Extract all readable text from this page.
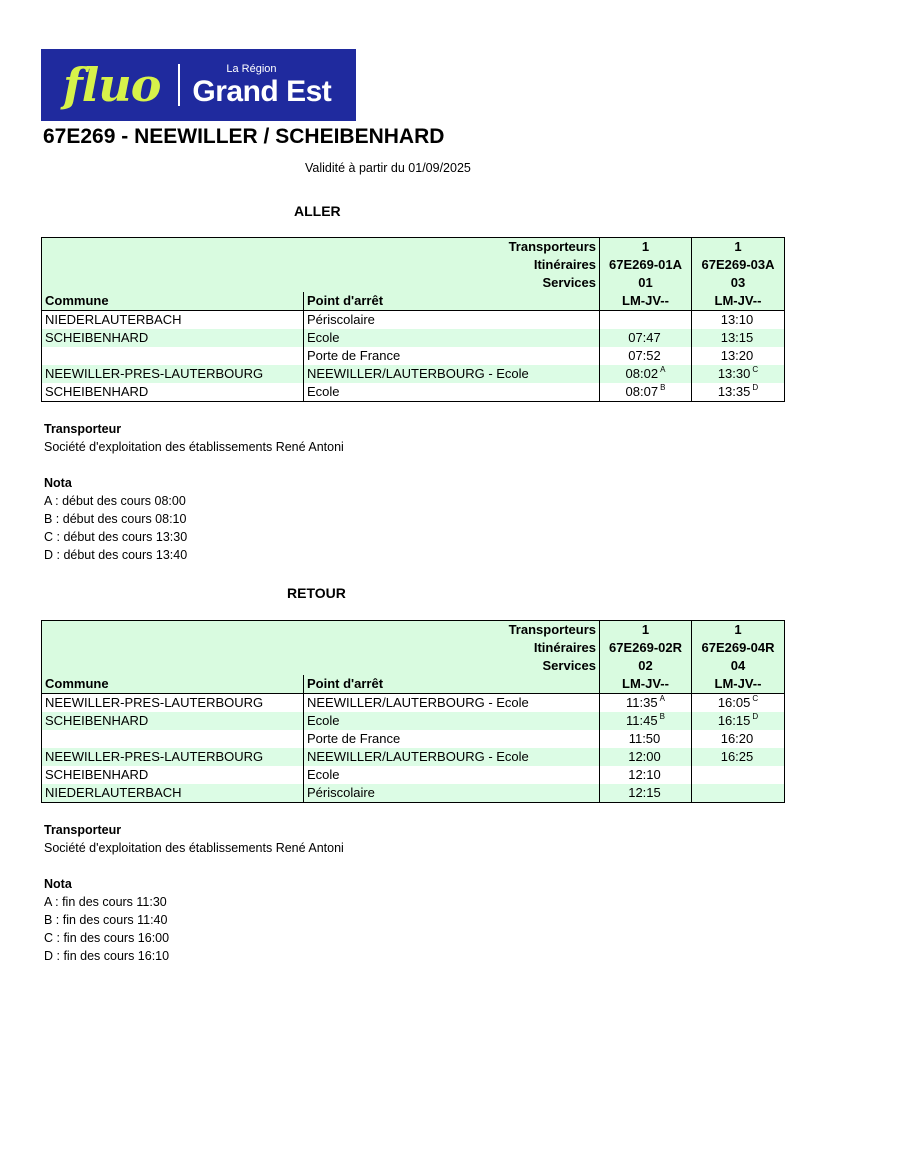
fluo	La Région
Grand Est
67E269 - NEEWILLER / SCHEIBENHARD
Validité à partir du 01/09/2025
ALLER
Transporteurs		1	1
Itinéraires		67E269-01A	67E269-03A
Services		01	03
Commune	Point d'arrêt	LM-JV--	LM-JV--
NIEDERLAUTERBACH	Périscolaire		13:10
SCHEIBENHARD	Ecole	07:47	13:15
	Porte de France	07:52	13:20
NEEWILLER-PRES-LAUTERBOURG	NEEWILLER/LAUTERBOURG - Ecole	08:02 $^A$	13:30 $^C$
SCHEIBENHARD	Ecole	08:07 $^B$	13:35 $^D$
Transporteur
Société d'exploitation des établissements René Antoni
Nota
A : début des cours 08:00
B : début des cours 08:10
C : début des cours 13:30
D : début des cours 13:40
RETOUR
Transporteurs		1	1
Itinéraires		67E269-02R	67E269-04R
Services		02	04
Commune	Point d'arrêt	LM-JV--	LM-JV--
NEEWILLER-PRES-LAUTERBOURG	NEEWILLER/LAUTERBOURG - Ecole	11:35 $^A$	16:05 $^C$
SCHEIBENHARD	Ecole	11:45 $^B$	16:15 $^D$
	Porte de France	11:50	16:20
NEEWILLER-PRES-LAUTERBOURG	NEEWILLER/LAUTERBOURG - Ecole	12:00	16:25
SCHEIBENHARD	Ecole	12:10	
NIEDERLAUTERBACH	Périscolaire	12:15	
Transporteur
Société d'exploitation des établissements René Antoni
Nota
A : fin des cours 11:30
B : fin des cours 11:40
C : fin des cours 16:00
D : fin des cours 16:10
